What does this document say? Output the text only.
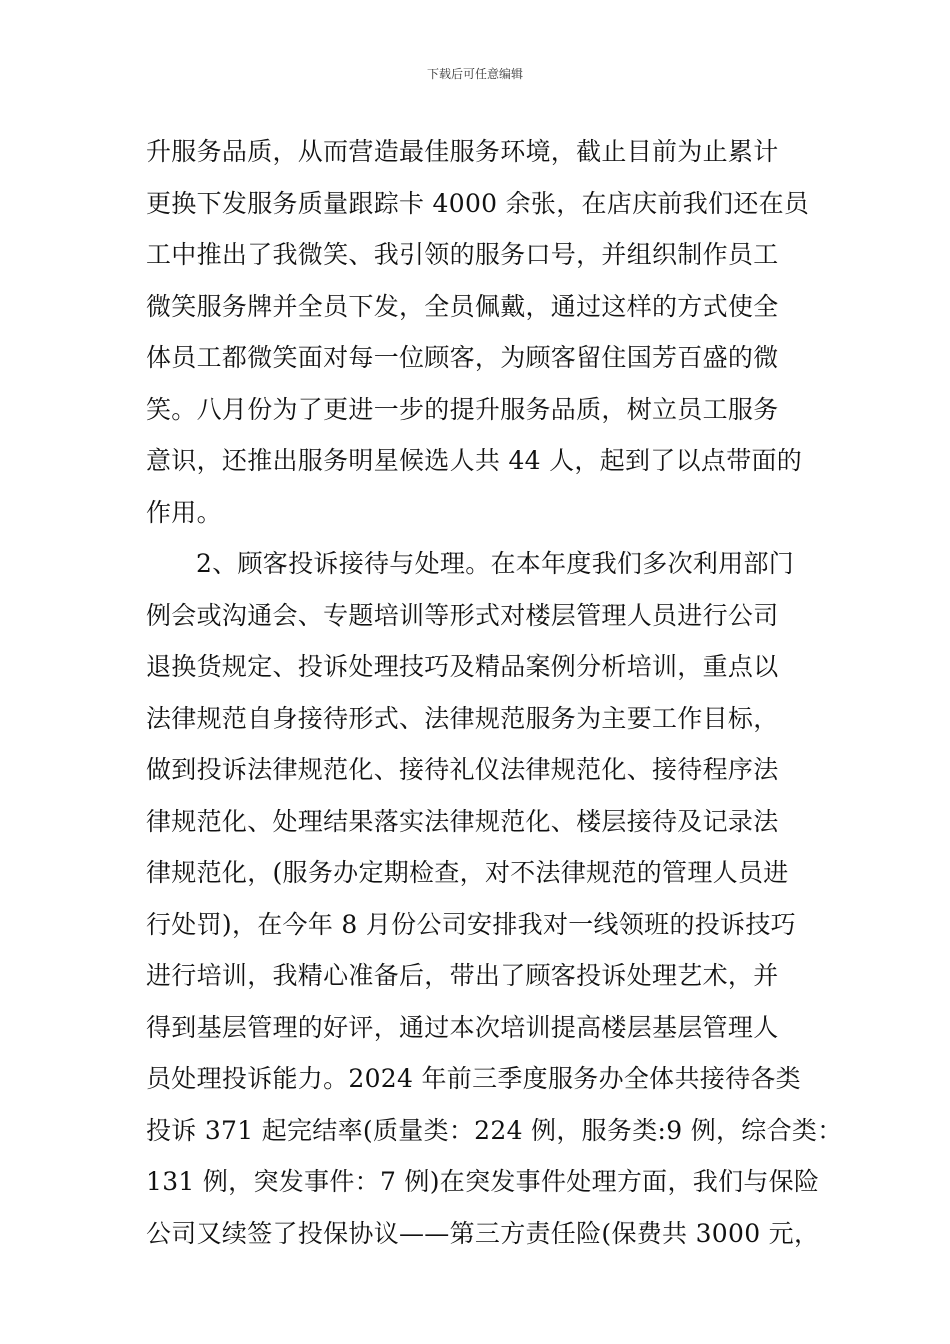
下载后可任意编辑
升服务品质，从而营造最佳服务环境，截止目前为止累计
更换下发服务质量跟踪卡 4000 余张，在店庆前我们还在员
工中推出了我微笑、我引领的服务口号，并组织制作员工
微笑服务牌并全员下发，全员佩戴，通过这样的方式使全
体员工都微笑面对每一位顾客，为顾客留住国芳百盛的微
笑。八月份为了更进一步的提升服务品质，树立员工服务
意识，还推出服务明星候选人共 44 人，起到了以点带面的
作用。
2、顾客投诉接待与处理。在本年度我们多次利用部门
例会或沟通会、专题培训等形式对楼层管理人员进行公司
退换货规定、投诉处理技巧及精品案例分析培训，重点以
法律规范自身接待形式、法律规范服务为主要工作目标，
做到投诉法律规范化、接待礼仪法律规范化、接待程序法
律规范化、处理结果落实法律规范化、楼层接待及记录法
律规范化，(服务办定期检查，对不法律规范的管理人员进
行处罚)，在今年 8 月份公司安排我对一线领班的投诉技巧
进行培训，我精心准备后，带出了顾客投诉处理艺术，并
得到基层管理的好评，通过本次培训提高楼层基层管理人
员处理投诉能力。2024 年前三季度服务办全体共接待各类
投诉 371 起完结率(质量类：224 例，服务类:9 例，综合类：
131 例，突发事件：7 例)在突发事件处理方面，我们与保险
公司又续签了投保协议——第三方责任险(保费共 3000 元，
